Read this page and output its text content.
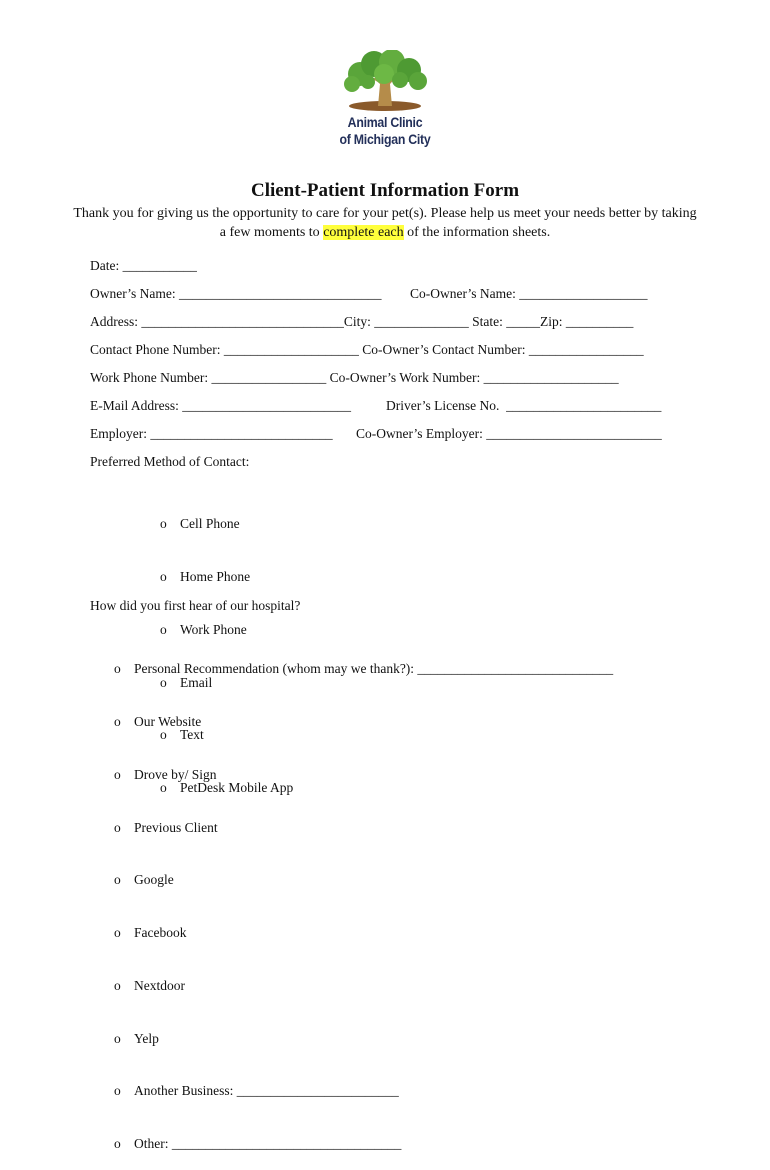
Animal Clinic
of Michigan City
Client-Patient Information Form
Thank you for giving us the opportunity to care for your pet(s). Please help us meet your needs better by taking a few moments to complete each of the information sheets.
Date: ___________
Owner’s Name: ______________________________ Co-Owner’s Name: ___________________
Address: ______________________________City: ______________ State: _____Zip: __________
Contact Phone Number: ____________________ Co-Owner’s Contact Number: _________________
Work Phone Number: _________________ Co-Owner’s Work Number: ____________________
E-Mail Address: _________________________	Driver’s License No.  _______________________
Employer: ___________________________ Co-Owner’s Employer: __________________________
Preferred Method of Contact:

o Cell Phone

o Home Phone

o Work Phone

o Email

o Text

o PetDesk Mobile App

How did you first hear of our hospital?

o Personal Recommendation (whom may we thank?): _____________________________

o Our Website

o Drove by/ Sign

o Previous Client

o Google

o Facebook

o Nextdoor

o Yelp

o Another Business: ________________________

o Other: __________________________________
